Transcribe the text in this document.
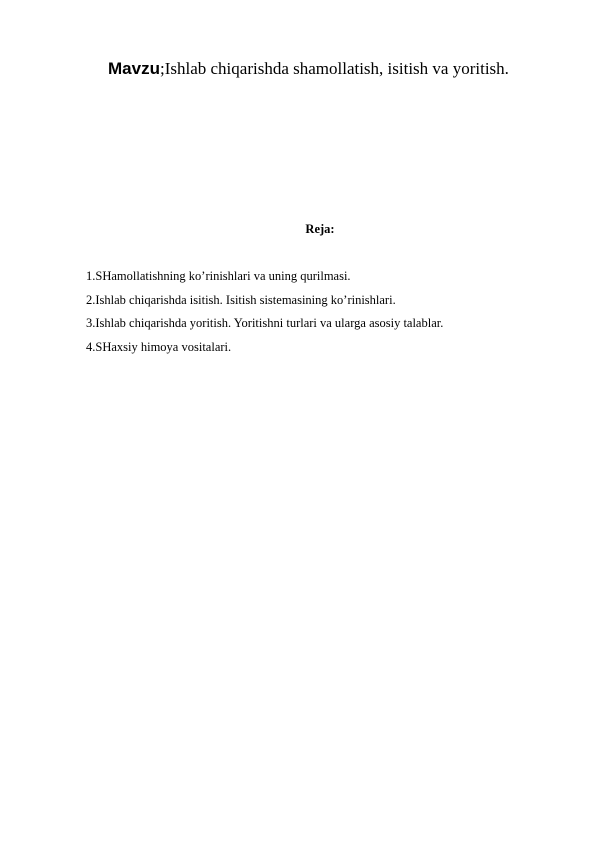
Mavzu;Ishlab chiqarishda shamollatish, isitish va yoritish.
Reja:
1.SHamollatishning ko’rinishlari va uning qurilmasi.
2.Ishlab chiqarishda isitish. Isitish sistemasining ko’rinishlari.
3.Ishlab chiqarishda yoritish. Yoritishni turlari va ularga asosiy talablar.
4.SHaxsiy himoya vositalari.
